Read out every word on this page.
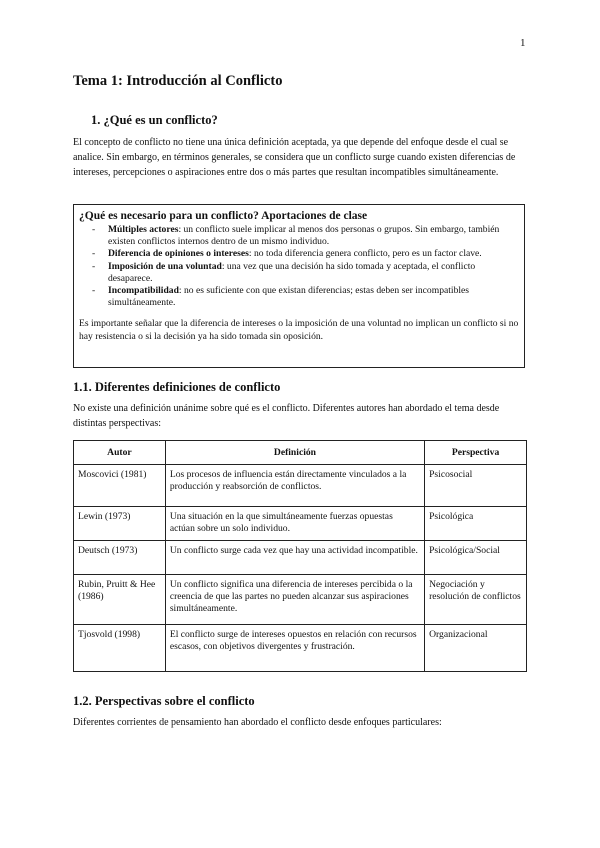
1
Tema 1: Introducción al Conflicto
1. ¿Qué es un conflicto?

El concepto de conflicto no tiene una única definición aceptada, ya que depende del enfoque desde el cual se analice. Sin embargo, en términos generales, se considera que un conflicto surge cuando existen diferencias de intereses, percepciones o aspiraciones entre dos o más partes que resultan incompatibles simultáneamente.

¿Qué es necesario para un conflicto? Aportaciones de clase
- Múltiples actores: un conflicto suele implicar al menos dos personas o grupos. Sin embargo, también existen conflictos internos dentro de un mismo individuo.
- Diferencia de opiniones o intereses: no toda diferencia genera conflicto, pero es un factor clave.
- Imposición de una voluntad: una vez que una decisión ha sido tomada y aceptada, el conflicto desaparece.
- Incompatibilidad: no es suficiente con que existan diferencias; estas deben ser incompatibles simultáneamente.
Es importante señalar que la diferencia de intereses o la imposición de una voluntad no implican un conflicto si no hay resistencia o si la decisión ya ha sido tomada sin oposición.
1.1. Diferentes definiciones de conflicto

No existe una definición unánime sobre qué es el conflicto. Diferentes autores han abordado el tema desde distintas perspectivas:

Autor	Definición	Perspectiva
Moscovici (1981)	Los procesos de influencia están directamente vinculados a la producción y reabsorción de conflictos.	Psicosocial
Lewin (1973)	Una situación en la que simultáneamente fuerzas opuestas actúan sobre un solo individuo.	Psicológica
Deutsch (1973)	Un conflicto surge cada vez que hay una actividad incompatible.	Psicológica/Social
Rubin, Pruitt & Hee (1986)	Un conflicto significa una diferencia de intereses percibida o la creencia de que las partes no pueden alcanzar sus aspiraciones simultáneamente.	Negociación y resolución de conflictos
Tjosvold (1998)	El conflicto surge de intereses opuestos en relación con recursos escasos, con objetivos divergentes y frustración.	Organizacional
1.2. Perspectivas sobre el conflicto

Diferentes corrientes de pensamiento han abordado el conflicto desde enfoques particulares:
